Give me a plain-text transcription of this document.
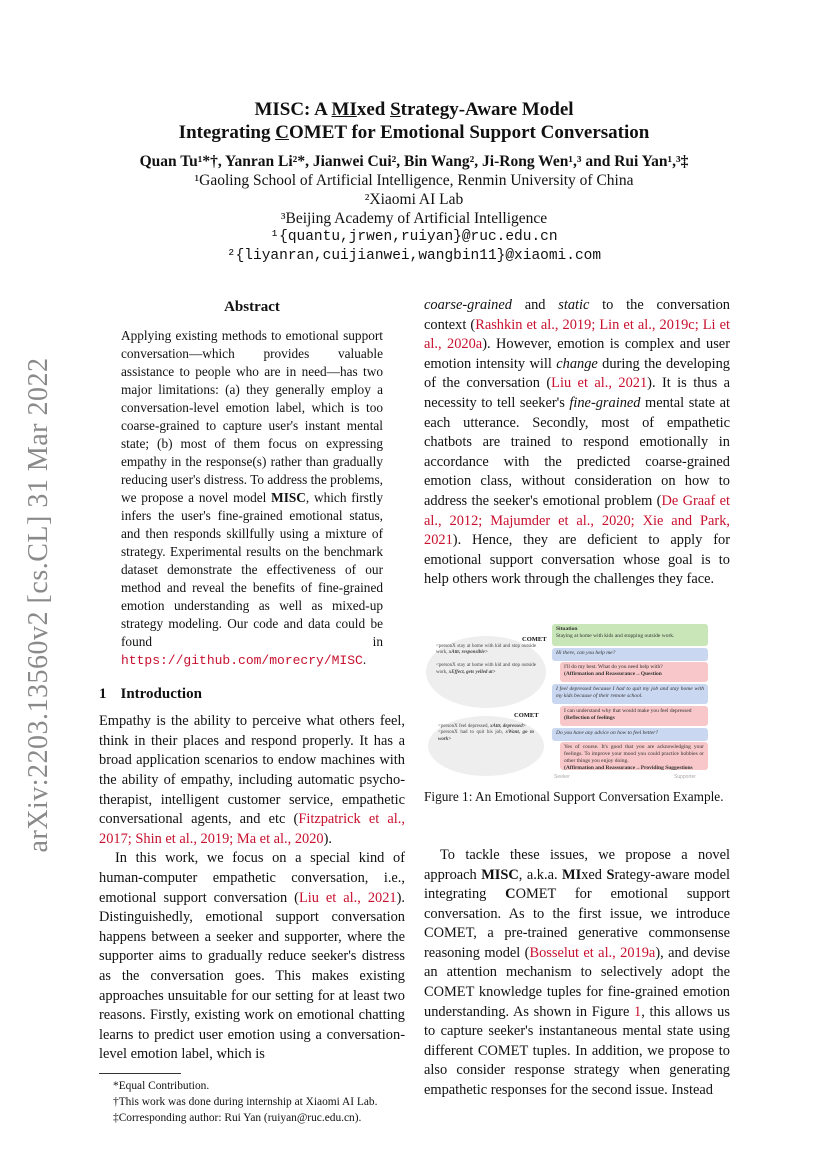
arXiv:2203.13560v2 [cs.CL] 31 Mar 2022
MISC: A MIxed Strategy-Aware Model
Integrating COMET for Emotional Support Conversation
Quan Tu¹*†, Yanran Li²*, Jianwei Cui², Bin Wang², Ji-Rong Wen¹,³ and Rui Yan¹,³‡
¹Gaoling School of Artificial Intelligence, Renmin University of China
²Xiaomi AI Lab
³Beijing Academy of Artificial Intelligence
¹{quantu,jrwen,ruiyan}@ruc.edu.cn
²{liyanran,cuijianwei,wangbin11}@xiaomi.com
Abstract
Applying existing methods to emotional support conversation—which provides valuable assistance to people who are in need—has two major limitations: (a) they generally employ a conversation-level emotion label, which is too coarse-grained to capture user's instant mental state; (b) most of them focus on expressing empathy in the response(s) rather than gradually reducing user's distress. To address the problems, we propose a novel model MISC, which firstly infers the user's fine-grained emotional status, and then responds skillfully using a mixture of strategy. Experimental results on the benchmark dataset demonstrate the effectiveness of our method and reveal the benefits of fine-grained emotion understanding as well as mixed-up strategy modeling. Our code and data could be found in https://github.com/morecry/MISC.
1 Introduction

Empathy is the ability to perceive what others feel, think in their places and respond properly. It has a broad application scenarios to endow machines with the ability of empathy, including automatic psycho-therapist, intelligent customer service, empathetic conversational agents, and etc (Fitzpatrick et al., 2017; Shin et al., 2019; Ma et al., 2020).

In this work, we focus on a special kind of human-computer empathetic conversation, i.e., emotional support conversation (Liu et al., 2021). Distinguishedly, emotional support conversation happens between a seeker and supporter, where the supporter aims to gradually reduce seeker's distress as the conversation goes. This makes existing approaches unsuitable for our setting for at least two reasons. Firstly, existing work on emotional chatting learns to predict user emotion using a conversation-level emotion label, which is

*Equal Contribution.
†This work was done during internship at Xiaomi AI Lab.
‡Corresponding author: Rui Yan (ruiyan@ruc.edu.cn).

coarse-grained and static to the conversation context (Rashkin et al., 2019; Lin et al., 2019c; Li et al., 2020a). However, emotion is complex and user emotion intensity will change during the developing of the conversation (Liu et al., 2021). It is thus a necessity to tell seeker's fine-grained mental state at each utterance. Secondly, most of empathetic chatbots are trained to respond emotionally in accordance with the predicted coarse-grained emotion class, without consideration on how to address the seeker's emotional problem (De Graaf et al., 2012; Majumder et al., 2020; Xie and Park, 2021). Hence, they are deficient to apply for emotional support conversation whose goal is to help others work through the challenges they face.

COMET
<personX stay at home with kid and stop outside work, xAttr, responsible>

<personX stay at home with kid and stop outside work, xEffect, gets yelled at>
COMET
<personX feel depressed, xAttr, depressed>
<personX had to quit his job, xWant, go to work>
Situation
Staying at home with kids and stopping outside work.
Hi there, can you help me?
I'll do my best. What do you need help with?
(Affirmation and Reassurance→Question
I feel depressed because I had to quit my job and stay home with my kids because of their remote school.
I can understand why that would make you feel depressed
(Reflection of feelings
Do you have any advice on how to feel better?
Yes of course. It's good that you are acknowledging your feelings. To improve your mood you could practice hobbies or other things you enjoy doing.
(Affirmation and Reassurance→Providing Suggestions
Seeker	Supporter
Figure 1: An Emotional Support Conversation Example.

To tackle these issues, we propose a novel approach MISC, a.k.a. MIxed Srategy-aware model integrating COMET for emotional support conversation. As to the first issue, we introduce COMET, a pre-trained generative commonsense reasoning model (Bosselut et al., 2019a), and devise an attention mechanism to selectively adopt the COMET knowledge tuples for fine-grained emotion understanding. As shown in Figure 1, this allows us to capture seeker's instantaneous mental state using different COMET tuples. In addition, we propose to also consider response strategy when generating empathetic responses for the second issue. Instead
